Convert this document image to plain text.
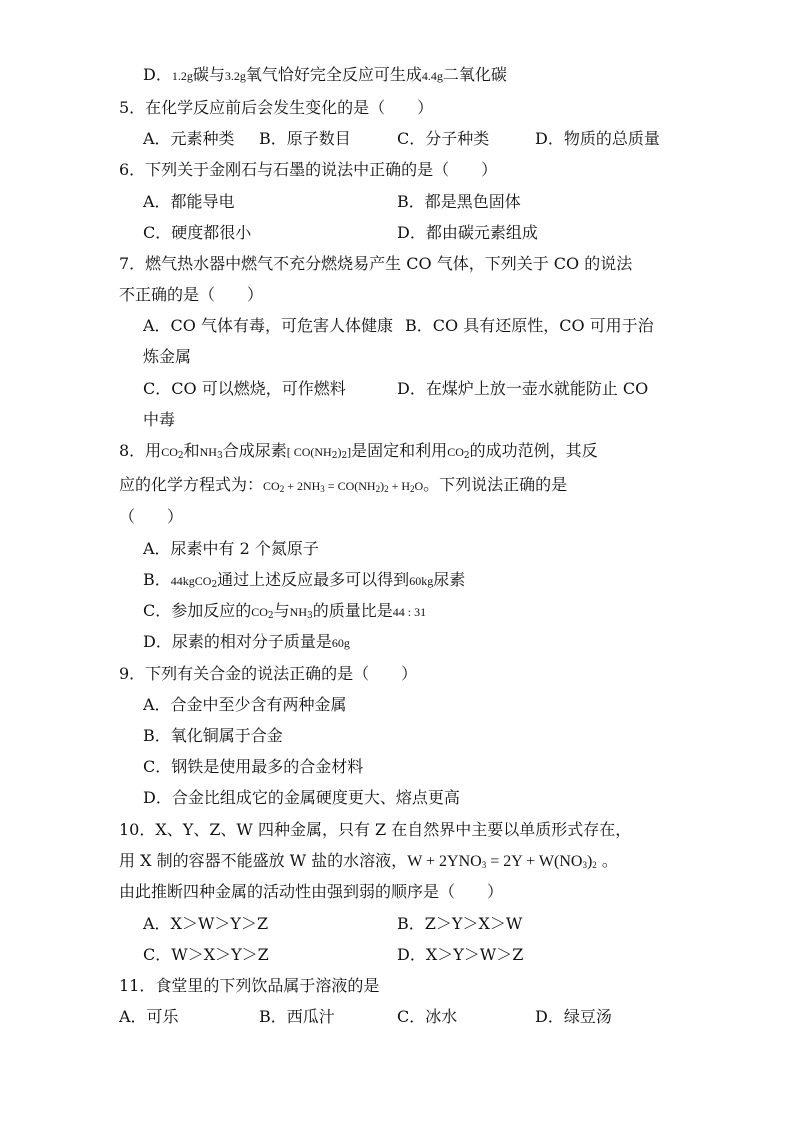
D．1.2g碳与3.2g氧气恰好完全反应可生成4.4g二氧化碳
5．在化学反应前后会发生变化的是（　　）
A．元素种类 B．原子数目	C．分子种类	D．物质的总质量
6．下列关于金刚石与石墨的说法中正确的是（　　）
A．都能导电	B．都是黑色固体
C．硬度都很小	D．都由碳元素组成
7．燃气热水器中燃气不充分燃烧易产生 CO 气体，下列关于 CO 的说法
不正确的是（　　）
A．CO 气体有毒，可危害人体健康 B．CO 具有还原性，CO 可用于治
炼金属
C．CO 可以燃烧，可作燃料	D．在煤炉上放一壶水就能防止 CO
中毒
8．用$CO_2$和$NH_3$合成尿素[ $CO(NH_2)_2$]是固定和利用$CO_2$的成功范例，其反
应的化学方程式为：$CO_2 + 2NH_3 = CO(NH_2)_2 + H_2O$。下列说法正确的是
（　　）
A．尿素中有 2 个氮原子
B．44kgCO$_2$通过上述反应最多可以得到60kg尿素
C．参加反应的$CO_2$与$NH_3$的质量比是44 : 31
D．尿素的相对分子质量是60g
9．下列有关合金的说法正确的是（　　）
A．合金中至少含有两种金属
B．氧化铜属于合金
C．钢铁是使用最多的合金材料
D．合金比组成它的金属硬度更大、熔点更高
10．X、Y、Z、W 四种金属，只有 Z 在自然界中主要以单质形式存在，
用 X 制的容器不能盛放 W 盐的水溶液，$W + 2YNO_3 = 2Y + W(NO_3)_2$ 。
由此推断四种金属的活动性由强到弱的顺序是（　　）
A．X＞W＞Y＞Z	B．Z＞Y＞X＞W
C．W＞X＞Y＞Z	D．X＞Y＞W＞Z
11．食堂里的下列饮品属于溶液的是
A．可乐	B．西瓜汁	C．冰水	D．绿豆汤
